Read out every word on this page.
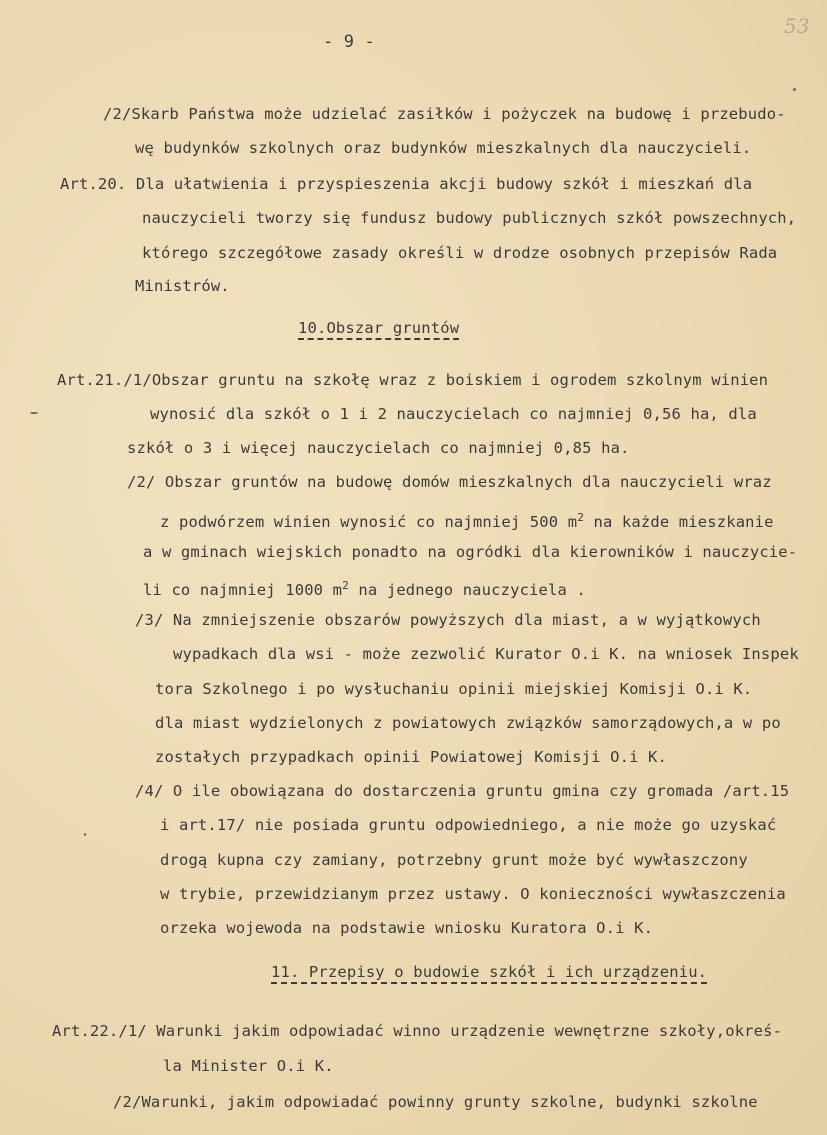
53
- 9 -
/2/Skarb Państwa może udzielać zasiłków i pożyczek na budowę i przebudo-
wę budynków szkolnych oraz budynków mieszkalnych dla nauczycieli.
Art.20. Dla ułatwienia i przyspieszenia akcji budowy szkół i mieszkań dla
nauczycieli tworzy się fundusz budowy publicznych szkół powszechnych,
którego szczegółowe zasady określi w drodze osobnych przepisów Rada
Ministrów.
10.Obszar gruntów
Art.21./1/Obszar gruntu na szkołę wraz z boiskiem i ogrodem szkolnym winien
wynosić dla szkół o 1 i 2 nauczycielach co najmniej 0,56 ha, dla
szkół o 3 i więcej nauczycielach co najmniej 0,85 ha.
/2/ Obszar gruntów na budowę domów mieszkalnych dla nauczycieli wraz
z podwórzem winien wynosić co najmniej 500 $m^2$ na każde mieszkanie
a w gminach wiejskich ponadto na ogródki dla kierowników i nauczycie-
li co najmniej 1000 $m^2$ na jednego nauczyciela .
/3/ Na zmniejszenie obszarów powyższych dla miast, a w wyjątkowych
wypadkach dla wsi - może zezwolić Kurator O.i K. na wniosek Inspek
tora Szkolnego i po wysłuchaniu opinii miejskiej Komisji O.i K.
dla miast wydzielonych z powiatowych związków samorządowych,a w po
zostałych przypadkach opinii Powiatowej Komisji O.i K.
/4/ O ile obowiązana do dostarczenia gruntu gmina czy gromada /art.15
i art.17/ nie posiada gruntu odpowiedniego, a nie może go uzyskać
drogą kupna czy zamiany, potrzebny grunt może być wywłaszczony
w trybie, przewidzianym przez ustawy. O konieczności wywłaszczenia
orzeka wojewoda na podstawie wniosku Kuratora O.i K.
11. Przepisy o budowie szkół i ich urządzeniu.
Art.22./1/ Warunki jakim odpowiadać winno urządzenie wewnętrzne szkoły,okreś-
la Minister O.i K.
/2/Warunki, jakim odpowiadać powinny grunty szkolne, budynki szkolne
